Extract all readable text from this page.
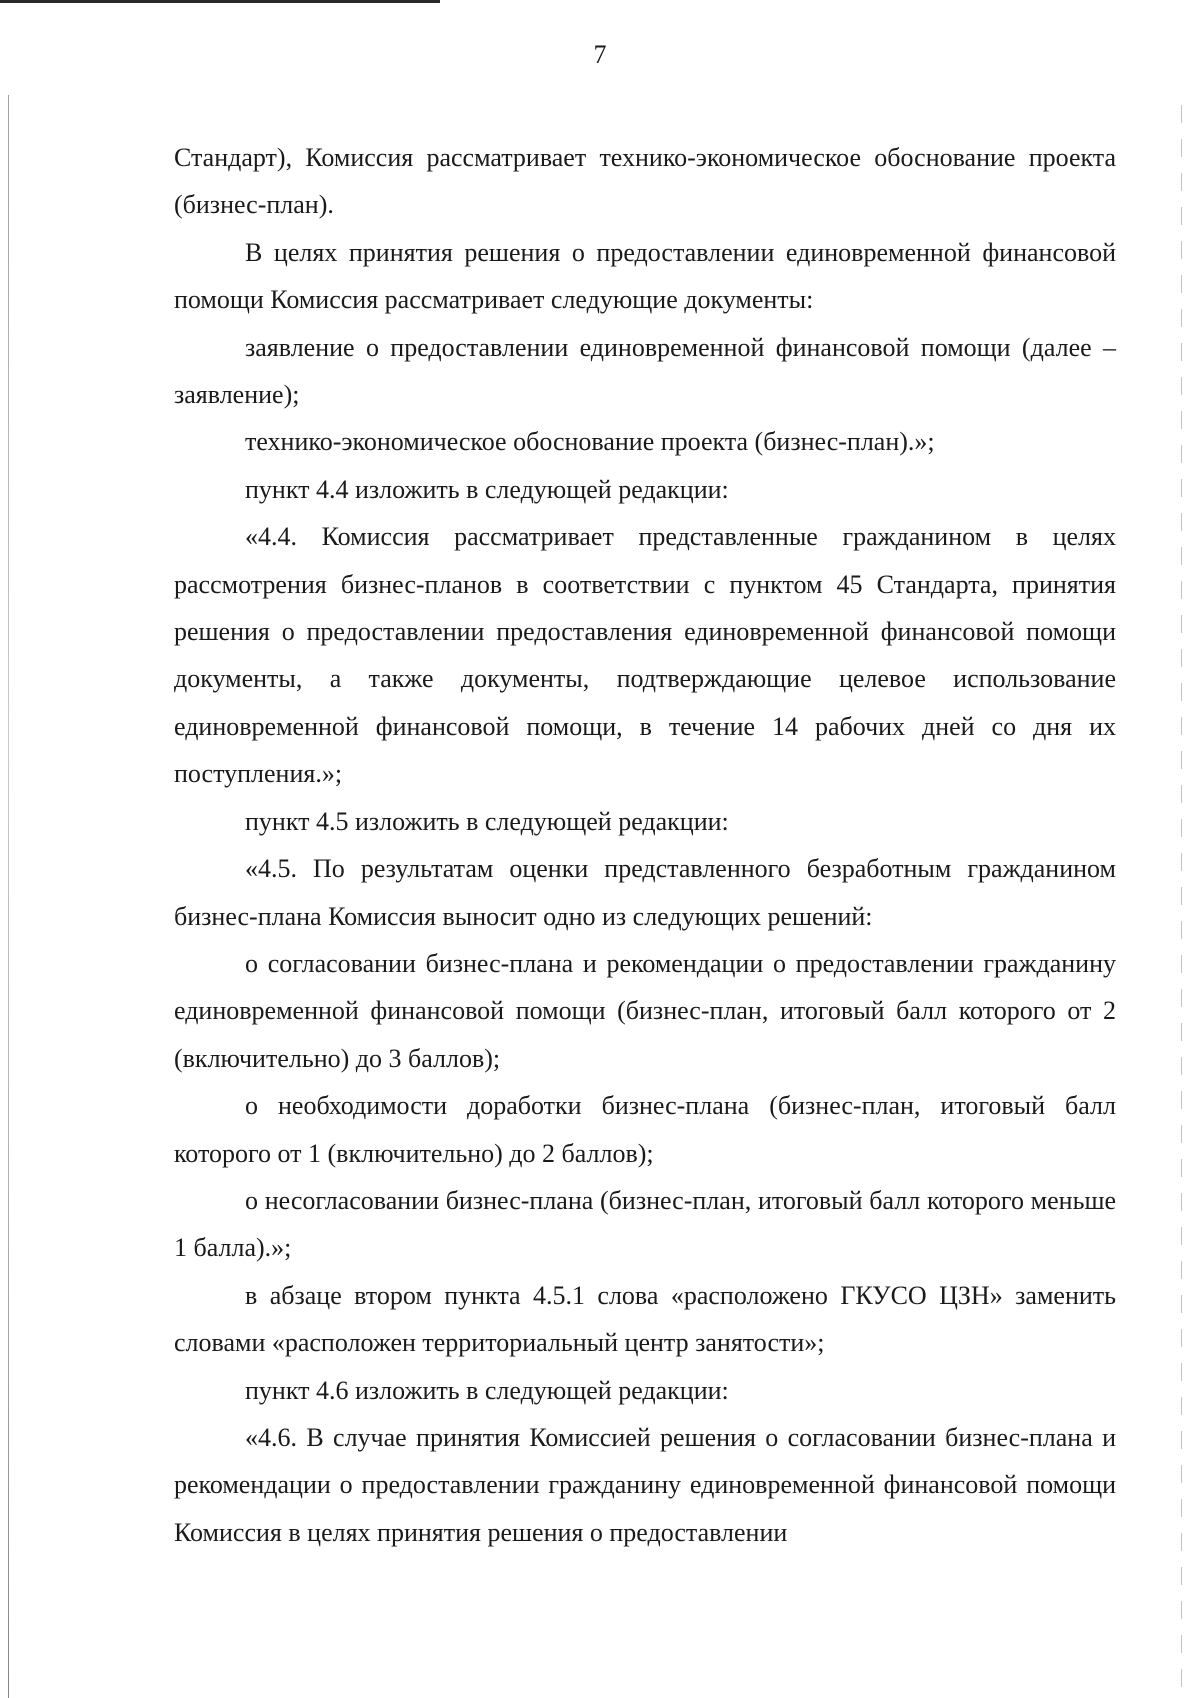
7

Стандарт), Комиссия рассматривает технико-экономическое обоснование проекта (бизнес-план).

В целях принятия решения о предоставлении единовременной финансовой помощи Комиссия рассматривает следующие документы:

заявление о предоставлении единовременной финансовой помощи (далее – заявление);

технико-экономическое обоснование проекта (бизнес-план).»;

пункт 4.4 изложить в следующей редакции:

«4.4. Комиссия рассматривает представленные гражданином в целях рассмотрения бизнес-планов в соответствии с пунктом 45 Стандарта, принятия решения о предоставлении предоставления единовременной финансовой помощи документы, а также документы, подтверждающие целевое использование единовременной финансовой помощи, в течение 14 рабочих дней со дня их поступления.»;

пункт 4.5 изложить в следующей редакции:

«4.5. По результатам оценки представленного безработным гражданином бизнес-плана Комиссия выносит одно из следующих решений:

о согласовании бизнес-плана и рекомендации о предоставлении гражданину единовременной финансовой помощи (бизнес-план, итоговый балл которого от 2 (включительно) до 3 баллов);

о необходимости доработки бизнес-плана (бизнес-план, итоговый балл которого от 1 (включительно) до 2 баллов);

о несогласовании бизнес-плана (бизнес-план, итоговый балл которого меньше 1 балла).»;

в абзаце втором пункта 4.5.1 слова «расположено ГКУСО ЦЗН» заменить словами «расположен территориальный центр занятости»;

пункт 4.6 изложить в следующей редакции:

«4.6. В случае принятия Комиссией решения о согласовании бизнес-плана и рекомендации о предоставлении гражданину единовременной финансовой помощи Комиссия в целях принятия решения о предоставлении
